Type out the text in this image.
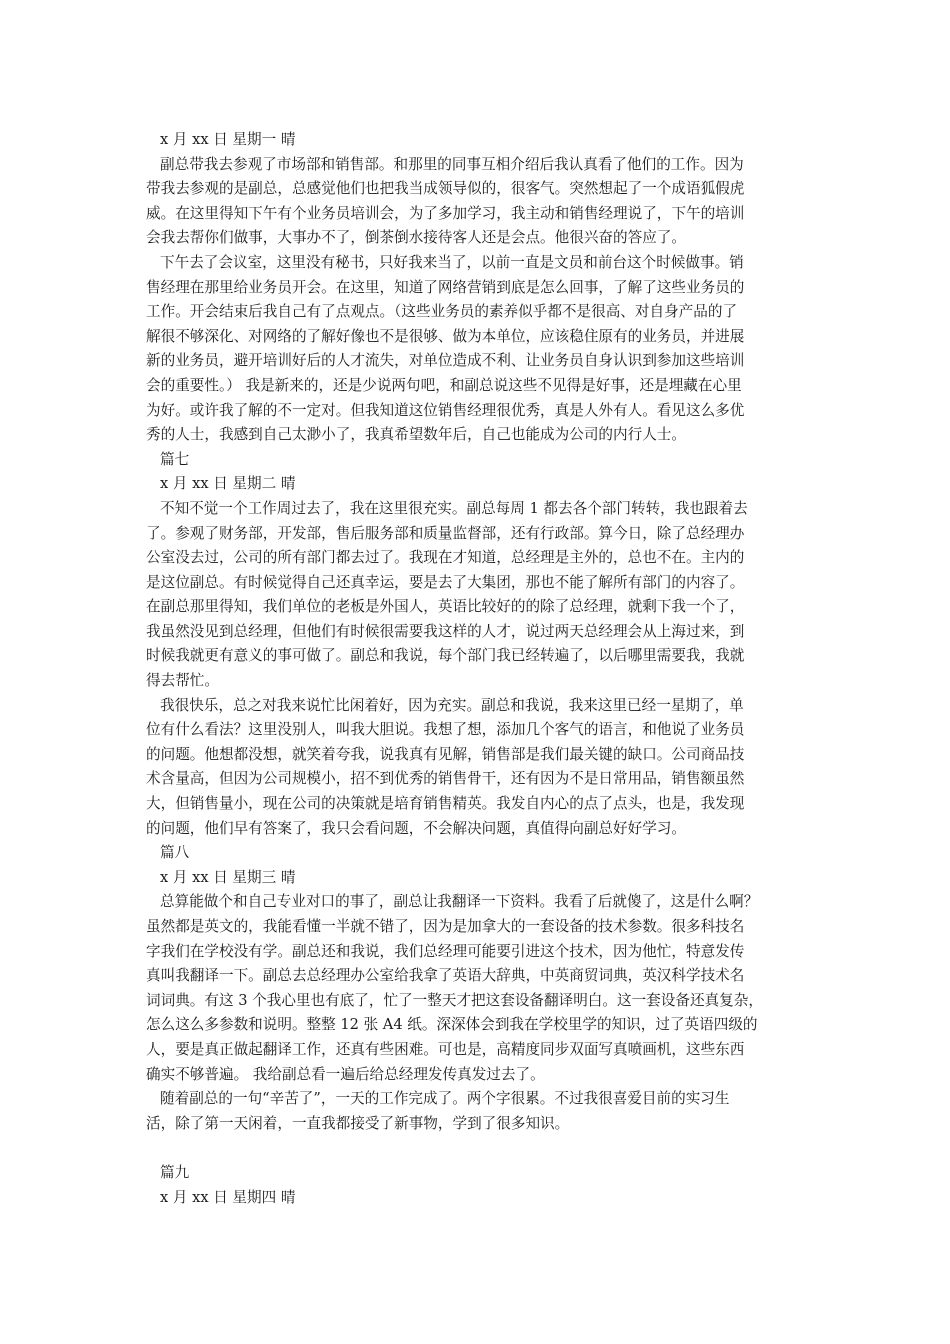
x 月 xx 日 星期一 晴
副总带我去参观了市场部和销售部。和那里的同事互相介绍后我认真看了他们的工作。因为
带我去参观的是副总，总感觉他们也把我当成领导似的，很客气。突然想起了一个成语狐假虎
威。在这里得知下午有个业务员培训会，为了多加学习，我主动和销售经理说了，下午的培训
会我去帮你们做事，大事办不了，倒茶倒水接待客人还是会点。他很兴奋的答应了。
下午去了会议室，这里没有秘书，只好我来当了，以前一直是文员和前台这个时候做事。销
售经理在那里给业务员开会。在这里，知道了网络营销到底是怎么回事，了解了这些业务员的
工作。开会结束后我自己有了点观点。（这些业务员的素养似乎都不是很高、对自身产品的了
解很不够深化、对网络的了解好像也不是很够、做为本单位，应该稳住原有的业务员，并进展
新的业务员，避开培训好后的人才流失，对单位造成不利、让业务员自身认识到参加这些培训
会的重要性。） 我是新来的，还是少说两句吧，和副总说这些不见得是好事，还是埋藏在心里
为好。或许我了解的不一定对。但我知道这位销售经理很优秀，真是人外有人。看见这么多优
秀的人士，我感到自己太渺小了，我真希望数年后，自己也能成为公司的内行人士。
篇七
x 月 xx 日 星期二 晴
不知不觉一个工作周过去了，我在这里很充实。副总每周 1 都去各个部门转转，我也跟着去
了。参观了财务部，开发部，售后服务部和质量监督部，还有行政部。算今日，除了总经理办
公室没去过，公司的所有部门都去过了。我现在才知道，总经理是主外的，总也不在。主内的
是这位副总。有时候觉得自己还真幸运，要是去了大集团，那也不能了解所有部门的内容了。
在副总那里得知，我们单位的老板是外国人，英语比较好的的除了总经理，就剩下我一个了，
我虽然没见到总经理，但他们有时候很需要我这样的人才，说过两天总经理会从上海过来，到
时候我就更有意义的事可做了。副总和我说，每个部门我已经转遍了，以后哪里需要我，我就
得去帮忙。
我很快乐，总之对我来说忙比闲着好，因为充实。副总和我说，我来这里已经一星期了，单
位有什么看法？这里没别人，叫我大胆说。我想了想，添加几个客气的语言，和他说了业务员
的问题。他想都没想，就笑着夸我，说我真有见解，销售部是我们最关键的缺口。公司商品技
术含量高，但因为公司规模小，招不到优秀的销售骨干，还有因为不是日常用品，销售额虽然
大，但销售量小，现在公司的决策就是培育销售精英。我发自内心的点了点头，也是，我发现
的问题，他们早有答案了，我只会看问题，不会解决问题，真值得向副总好好学习。
篇八
x 月 xx 日 星期三 晴
总算能做个和自己专业对口的事了，副总让我翻译一下资料。我看了后就傻了，这是什么啊？
虽然都是英文的，我能看懂一半就不错了，因为是加拿大的一套设备的技术参数。很多科技名
字我们在学校没有学。副总还和我说，我们总经理可能要引进这个技术，因为他忙，特意发传
真叫我翻译一下。副总去总经理办公室给我拿了英语大辞典，中英商贸词典，英汉科学技术名
词词典。有这 3 个我心里也有底了，忙了一整天才把这套设备翻译明白。这一套设备还真复杂，
怎么这么多参数和说明。整整 12 张 A4 纸。深深体会到我在学校里学的知识，过了英语四级的
人，要是真正做起翻译工作，还真有些困难。可也是，高精度同步双面写真喷画机，这些东西
确实不够普遍。 我给副总看一遍后给总经理发传真发过去了。
随着副总的一句“辛苦了”，一天的工作完成了。两个字很累。不过我很喜爱目前的实习生
活，除了第一天闲着，一直我都接受了新事物，学到了很多知识。
篇九
x 月 xx 日 星期四 晴
